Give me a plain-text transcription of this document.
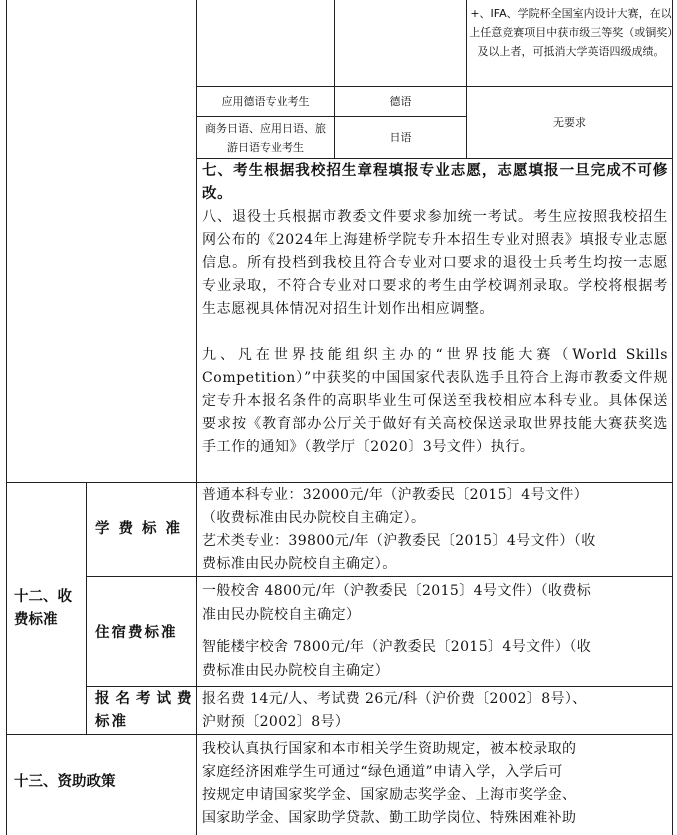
+、IFA、学院杯全国室内设计大赛，在以上任意竞赛项目中获市级三等奖（或铜奖）及以上者，可抵消大学英语四级成绩。
应用德语专业考生	德语
商务日语、应用日语、旅游日语专业考生
日语
无要求
七、考生根据我校招生章程填报专业志愿，志愿填报一旦完成不可修改。
八、退役士兵根据市教委文件要求参加统一考试。考生应按照我校招生网公布的《2024年上海建桥学院专升本招生专业对照表》填报专业志愿信息。所有投档到我校且符合专业对口要求的退役士兵考生均按一志愿专业录取，不符合专业对口要求的考生由学校调剂录取。学校将根据考生志愿视具体情况对招生计划作出相应调整。
九、凡在世界技能组织主办的“世界技能大赛（World Skills Competition）”中获奖的中国国家代表队选手且符合上海市教委文件规定专升本报名条件的高职毕业生可保送至我校相应本科专业。具体保送要求按《教育部办公厅关于做好有关高校保送录取世界技能大赛获奖选手工作的通知》（教学厅〔2020〕3号文件）执行。
十二、收
费标准
学费标准
普通本科专业：32000元/年（沪教委民〔2015〕4号文件）
（收费标准由民办院校自主确定）。
艺术类专业：39800元/年（沪教委民〔2015〕4号文件）（收
费标准由民办院校自主确定）。
住宿费标准
一般校舍 4800元/年（沪教委民〔2015〕4号文件）（收费标
准由民办院校自主确定）
智能楼宇校舍 7800元/年（沪教委民〔2015〕4号文件）（收
费标准由民办院校自主确定）
报名考试费
标准
报名费 14元/人、考试费 26元/科（沪价费〔2002〕8号）、
沪财预〔2002〕8号）
十三、资助政策
我校认真执行国家和本市相关学生资助规定，被本校录取的
家庭经济困难学生可通过“绿色通道”申请入学，入学后可
按规定申请国家奖学金、国家励志奖学金、上海市奖学金、
国家助学金、国家助学贷款、勤工助学岗位、特殊困难补助
